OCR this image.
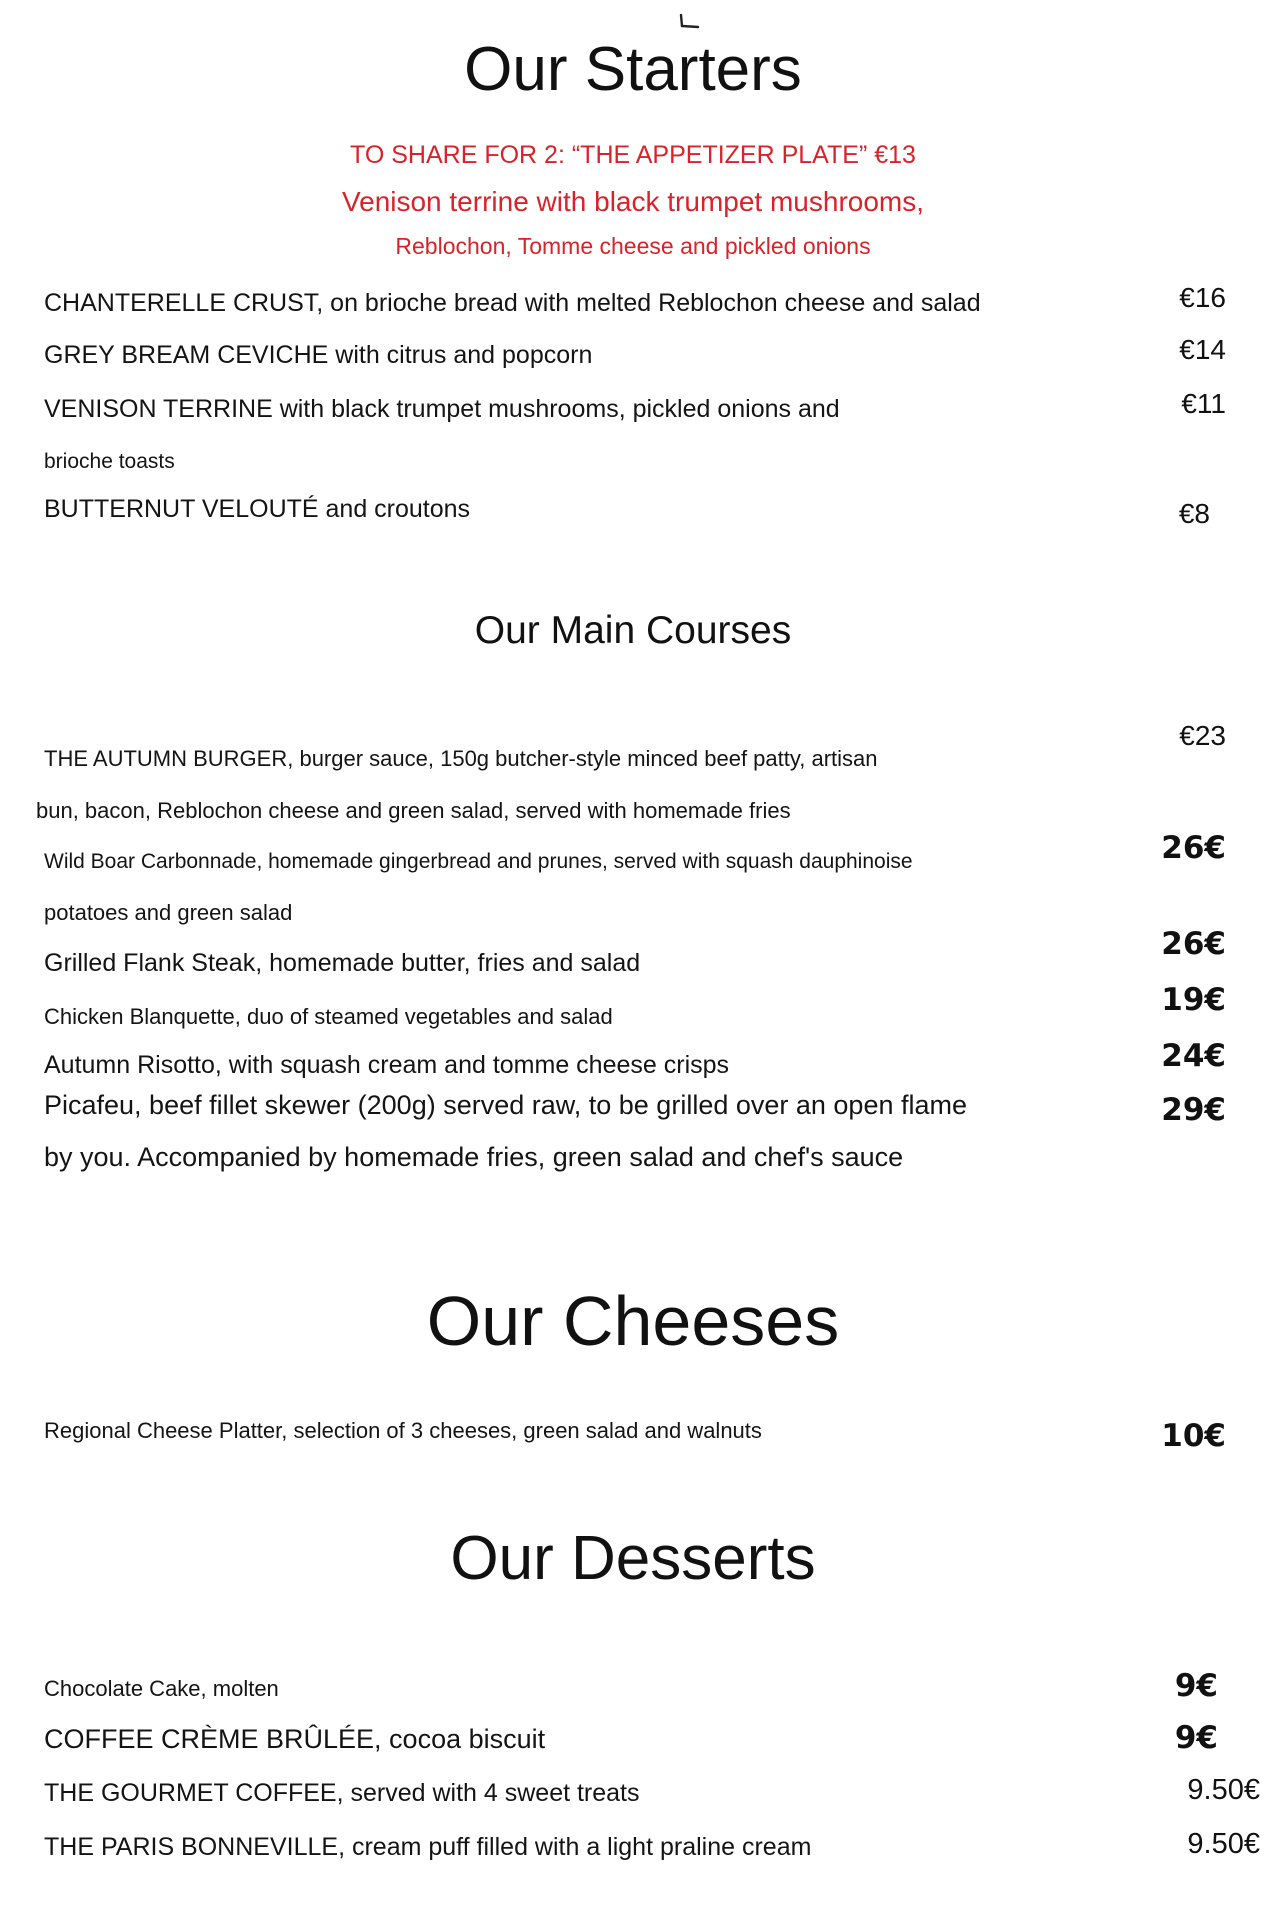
Our Starters
TO SHARE FOR 2: “THE APPETIZER PLATE” €13
Venison terrine with black trumpet mushrooms,
Reblochon, Tomme cheese and pickled onions
CHANTERELLE CRUST, on brioche bread with melted Reblochon cheese and salad	€16
GREY BREAM CEVICHE with citrus and popcorn	€14
VENISON TERRINE with black trumpet mushrooms, pickled onions and
brioche toasts
€11
BUTTERNUT VELOUTÉ and croutons	€8
Our Main Courses
THE AUTUMN BURGER, burger sauce, 150g butcher-style minced beef patty, artisan
bun, bacon, Reblochon cheese and green salad, served with homemade fries
€23
Wild Boar Carbonnade, homemade gingerbread and prunes, served with squash dauphinoise
potatoes and green salad
26€
Grilled Flank Steak, homemade butter, fries and salad
26€
Chicken Blanquette, duo of steamed vegetables and salad	19€
Autumn Risotto, with squash cream and tomme cheese crisps	24€
Picafeu, beef fillet skewer (200g) served raw, to be grilled over an open flame
by you. Accompanied by homemade fries, green salad and chef's sauce
29€
Our Cheeses
Regional Cheese Platter, selection of 3 cheeses, green salad and walnuts	10€
Our Desserts
Chocolate Cake, molten	9€
COFFEE CRÈME BRÛLÉE, cocoa biscuit	9€
THE GOURMET COFFEE, served with 4 sweet treats	9.50€
THE PARIS BONNEVILLE, cream puff filled with a light praline cream	9.50€
